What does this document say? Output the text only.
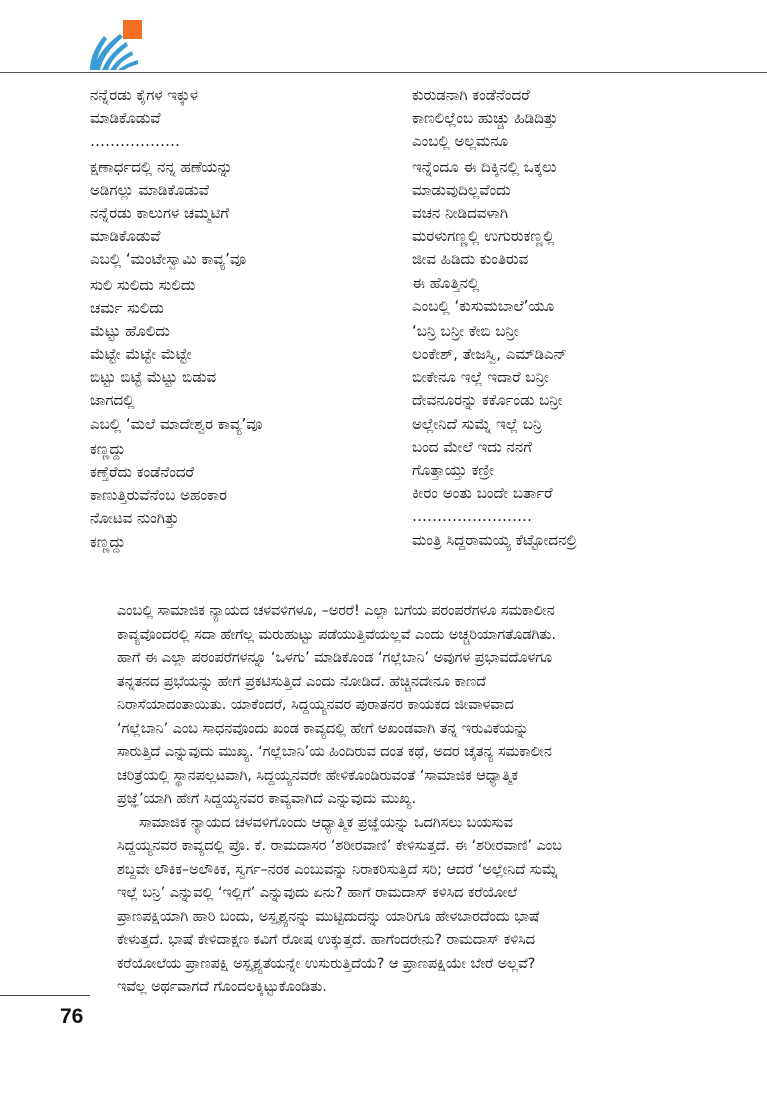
ನನ್ನೆರಡು ಕೈಗಳ ಇಕ್ಕುಳ
ಮಾಡಿಕೊಡುವೆ
………………
ಕ್ಷಣಾರ್ಧದಲ್ಲಿ ನನ್ನ ಹಣೆಯನ್ನು
ಅಡಿಗಲ್ಲು ಮಾಡಿಕೊಡುವೆ
ನನ್ನೆರಡು ಕಾಲುಗಳ ಚಮ್ಮಟಿಗೆ
ಮಾಡಿಕೊಡುವೆ
ಎಬಲ್ಲಿ ‘ಮಂಟೇಸ್ವಾಮಿ ಕಾವ್ಯ’ವೂ
ಸುಲಿ ಸುಲಿದು ಸುಲಿದು
ಚರ್ಮ ಸುಲಿದು
ಮೆಟ್ಟು ಹೊಲಿದು
ಮೆಟ್ಟೇ ಮೆಟ್ಟೇ ಮೆಟ್ಟೇ
ಬಿಟ್ಟು ಬಿಟ್ಟೆ ಮೆಟ್ಟು ಬಿಡುವ
ಜಾಗದಲ್ಲಿ
ಎಬಲ್ಲಿ ‘ಮಲೆ ಮಾದೇಶ್ವರ ಕಾವ್ಯ’ವೂ
ಕಣ್ಣದ್ದು
ಕಣ್ತೆರೆದು ಕಂಡೆನೆಂದರೆ
ಕಾಣುತ್ತಿರುವೆನೆಂಬ ಅಹಂಕಾರ
ನೋಟವ ನುಂಗಿತ್ತು
ಕಣ್ಣದ್ದು
ಕುರುಡನಾಗಿ ಕಂಡೆನೆಂದರೆ
ಕಾಣಲಿಲ್ಲೆಂಬ ಹುಚ್ಚು ಹಿಡಿದಿತ್ತು
ಎಂಬಲ್ಲಿ ಅಲ್ಲಮನೂ
ಇನ್ನೆಂದೂ ಈ ದಿಕ್ಕಿನಲ್ಲಿ ಒಕ್ಕಲು
ಮಾಡುವುದಿಲ್ಲವೆಂದು
ವಚನ ನೀಡಿದವಳಾಗಿ
ಮರಳುಗಣ್ಣಲ್ಲಿ ಉಗುರುಕಣ್ಣಲ್ಲಿ
ಜೀವ ಹಿಡಿದು ಕುಂತಿರುವ
ಈ ಹೊತ್ತಿನಲ್ಲಿ
ಎಂಬಲ್ಲಿ ‘ಕುಸುಮಬಾಲೆ’ಯೂ
‘ಬನ್ರಿ ಬನ್ರೀ ಕೇಬಿ ಬನ್ರೀ
ಲಂಕೇಶ್, ತೇಜಸ್ವಿ, ಎಮ್‌ಡಿಎನ್
ಬೀಕೇನೂ ಇಲ್ಲೆ ಇದಾರೆ ಬನ್ರೀ
ದೇವನೂರನ್ನು ಕರ್ಕೊಂಡು ಬನ್ರೀ
ಅಲ್ಲೇನಿದೆ ಸುಮ್ನೆ ಇಲ್ಲೆ ಬನ್ರಿ
ಬಂದ ಮೇಲೆ ಇದು ನನಗೆ
ಗೊತ್ತಾಯ್ತು ಕಣ್ರೀ
ಕೀರಂ ಅಂತು ಬಂದೇ ಬರ್ತಾರೆ
……………………
ಮಂತ್ರಿ ಸಿದ್ದರಾಮಯ್ಯ ಕೆಟ್ಟೋದನಲ್ರಿ
ಎಂಬಲ್ಲಿ ಸಾಮಾಜಿಕ ನ್ಯಾಯದ ಚಳವಳಿಗಳೂ, –ಅರರೆ! ಎಲ್ಲಾ ಬಗೆಯ ಪರಂಪರೆಗಳೂ ಸಮಕಾಲೀನ
ಕಾವ್ಯವೊಂದರಲ್ಲಿ ಸದಾ ಹೇಗೆಲ್ಲ ಮರುಹುಟ್ಟು ಪಡೆಯುತ್ತಿವೆಯಲ್ಲವೆ ಎಂದು ಅಚ್ಚರಿಯಾಗತೊಡಗಿತು.
ಹಾಗೆ ಈ ಎಲ್ಲಾ ಪರಂಪರೆಗಳನ್ನೂ ‘ಒಳಗು’ ಮಾಡಿಕೊಂಡ ‘ಗಲ್ಲೆಬಾನಿ’ ಅವುಗಳ ಪ್ರಭಾವದೊಳಗೂ
ತನ್ನತನದ ಪ್ರಭೆಯನ್ನು ಹೇಗೆ ಪ್ರಕಟಿಸುತ್ತಿದೆ ಎಂದು ನೋಡಿದೆ. ಹೆಚ್ಚಿನದೇನೂ ಕಾಣದೆ
ನಿರಾಸೆಯಾದಂತಾಯಿತು. ಯಾಕೆಂದರೆ, ಸಿದ್ದಯ್ಯನವರ ಪುರಾತನರ ಕಾಯಕದ ಜೀವಾಳವಾದ
‘ಗಲ್ಲೆಬಾನಿ’ ಎಂಬ ಸಾಧನವೊಂದು ಖಂಡ ಕಾವ್ಯದಲ್ಲಿ ಹೇಗೆ ಅಖಂಡವಾಗಿ ತನ್ನ ಇರುವಿಕೆಯನ್ನು
ಸಾರುತ್ತಿದೆ ಎನ್ನುವುದು ಮುಖ್ಯ. ‘ಗಲ್ಲೆಬಾನಿ’ಯ ಹಿಂದಿರುವ ದಂತ ಕಥೆ, ಅದರ ಚೈತನ್ಯ ಸಮಕಾಲೀನ
ಚರಿತ್ರೆಯಲ್ಲಿ ಸ್ಥಾನಪಲ್ಲಟವಾಗಿ, ಸಿದ್ದಯ್ಯನವರೇ ಹೇಳಿಕೊಂಡಿರುವಂತೆ ‘ಸಾಮಾಜಿಕ ಆಧ್ಯಾತ್ಮಿಕ
ಪ್ರಜ್ಞೆ’ಯಾಗಿ ಹೇಗೆ ಸಿದ್ದಯ್ಯನವರ ಕಾವ್ಯವಾಗಿದೆ ಎನ್ನುವುದು ಮುಖ್ಯ.
ಸಾಮಾಜಿಕ ನ್ಯಾಯದ ಚಳವಳಿಗೊಂದು ಆಧ್ಯಾತ್ಮಿಕ ಪ್ರಜ್ಞೆಯನ್ನು ಒದಗಿಸಲು ಬಯಸುವ
ಸಿದ್ದಯ್ಯನವರ ಕಾವ್ಯದಲ್ಲಿ ಪ್ರೊ. ಕೆ. ರಾಮದಾಸರ ‘ಶರೀರವಾಣಿ’ ಕೇಳಿಸುತ್ತದೆ. ಈ ‘ಶರೀರವಾಣಿ’ ಎಂಬ
ಶಬ್ದವೇ ಲೌಕಿಕ–ಅಲೌಕಿಕ, ಸ್ವರ್ಗ–ನರಕ ಎಂಬುವನ್ನು ನಿರಾಕರಿಸುತ್ತಿದೆ ಸರಿ; ಆದರೆ ‘ಅಲ್ಲೇನಿದೆ ಸುಮ್ನೆ
ಇಲ್ಲೆ ಬನ್ರಿ’ ಎನ್ನುವಲ್ಲಿ ‘ಇಲ್ಲಿಗೆ’ ಎನ್ನುವುದು ಏನು? ಹಾಗೆ ರಾಮದಾಸ್ ಕಳಿಸಿದ ಕರೆಯೋಲೆ
ಪ್ರಾಣಪಕ್ಷಿಯಾಗಿ ಹಾರಿ ಬಂದು, ಅಸ್ಪೃಶ್ಯನನ್ನು ಮುಟ್ಟಿದುದನ್ನು ಯಾರಿಗೂ ಹೇಳಬಾರದೆಂದು ಭಾಷೆ
ಕೇಳುತ್ತದೆ. ಭಾಷೆ ಕೇಳಿದಾಕ್ಷಣ ಕವಿಗೆ ರೋಷ ಉಕ್ಕುತ್ತದೆ. ಹಾಗೆಂದರೇನು? ರಾಮದಾಸ್ ಕಳಿಸಿದ
ಕರೆಯೋಲೆಯ ಪ್ರಾಣಪಕ್ಷಿ ಅಸ್ಪೃಶ್ಯತೆಯನ್ನೇ ಉಸುರುತ್ತಿದೆಯೆ? ಆ ಪ್ರಾಣಪಕ್ಷಿಯೇ ಬೇರೆ ಅಲ್ಲವೆ?
ಇವೆಲ್ಲ ಅರ್ಥವಾಗದೆ ಗೊಂದಲಕ್ಕಿಟ್ಟುಕೊಂಡಿತು.
76
